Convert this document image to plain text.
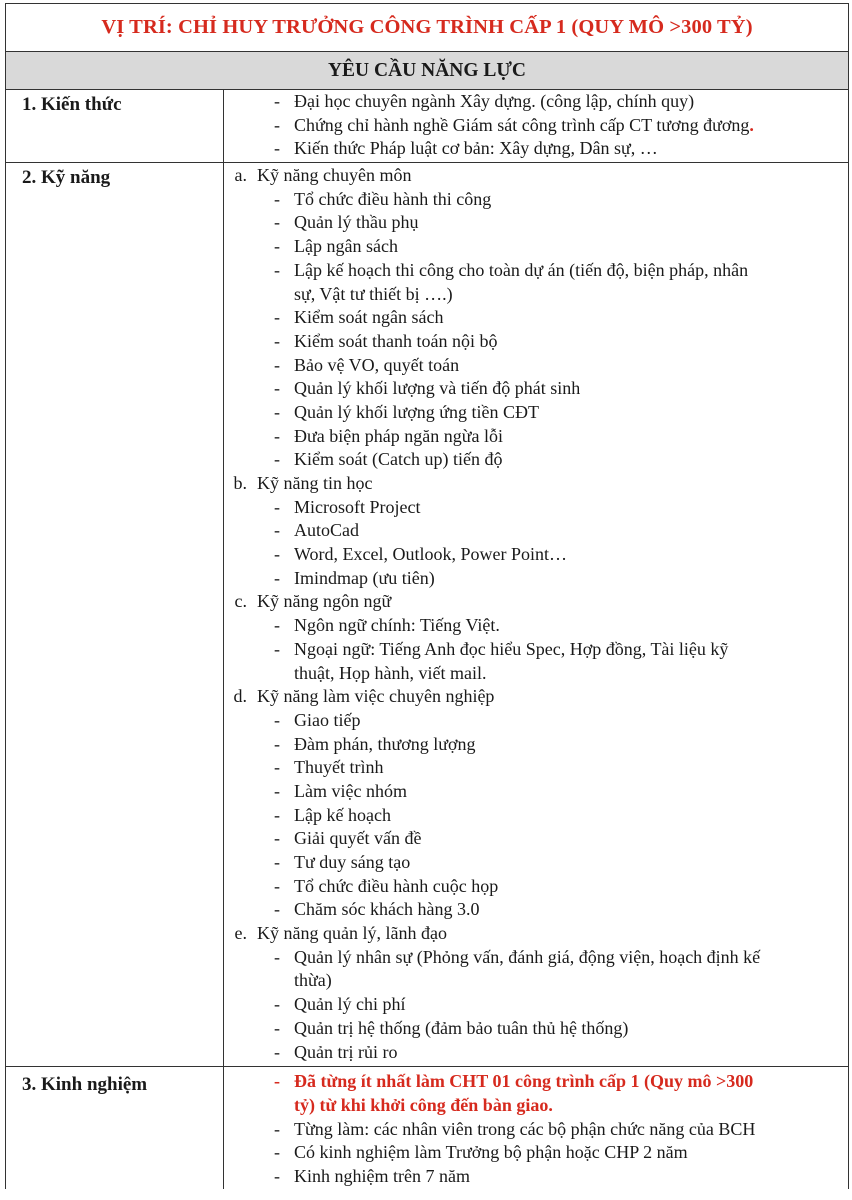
VỊ TRÍ: CHỈ HUY TRƯỞNG CÔNG TRÌNH CẤP 1 (QUY MÔ >300 TỶ)
YÊU CẦU NĂNG LỰC
1. Kiến thức	- Đại học chuyên ngành Xây dựng. (công lập, chính quy)
- Chứng chỉ hành nghề Giám sát công trình cấp CT tương đương.
- Kiến thức Pháp luật cơ bản: Xây dựng, Dân sự, …
2. Kỹ năng	a. Kỹ năng chuyên môn
- Tổ chức điều hành thi công
- Quản lý thầu phụ
- Lập ngân sách
- Lập kế hoạch thi công cho toàn dự án (tiến độ, biện pháp, nhân
sự, Vật tư thiết bị ….)
- Kiểm soát ngân sách
- Kiểm soát thanh toán nội bộ
- Bảo vệ VO, quyết toán
- Quản lý khối lượng và tiến độ phát sinh
- Quản lý khối lượng ứng tiền CĐT
- Đưa biện pháp ngăn ngừa lỗi
- Kiểm soát (Catch up) tiến độ
b. Kỹ năng tin học
- Microsoft Project
- AutoCad
- Word, Excel, Outlook, Power Point…
- Imindmap (ưu tiên)
c. Kỹ năng ngôn ngữ
- Ngôn ngữ chính: Tiếng Việt.
- Ngoại ngữ: Tiếng Anh đọc hiểu Spec, Hợp đồng, Tài liệu kỹ
thuật, Họp hành, viết mail.
d. Kỹ năng làm việc chuyên nghiệp
- Giao tiếp
- Đàm phán, thương lượng
- Thuyết trình
- Làm việc nhóm
- Lập kế hoạch
- Giải quyết vấn đề
- Tư duy sáng tạo
- Tổ chức điều hành cuộc họp
- Chăm sóc khách hàng 3.0
e. Kỹ năng quản lý, lãnh đạo
- Quản lý nhân sự (Phỏng vấn, đánh giá, động viện, hoạch định kế
thừa)
- Quản lý chi phí
- Quản trị hệ thống (đảm bảo tuân thủ hệ thống)
- Quản trị rủi ro
3. Kinh nghiệm	- Đã từng ít nhất làm CHT 01 công trình cấp 1 (Quy mô >300
tỷ) từ khi khởi công đến bàn giao.
- Từng làm: các nhân viên trong các bộ phận chức năng của BCH
- Có kinh nghiệm làm Trưởng bộ phận hoặc CHP 2 năm
- Kinh nghiệm trên 7 năm
